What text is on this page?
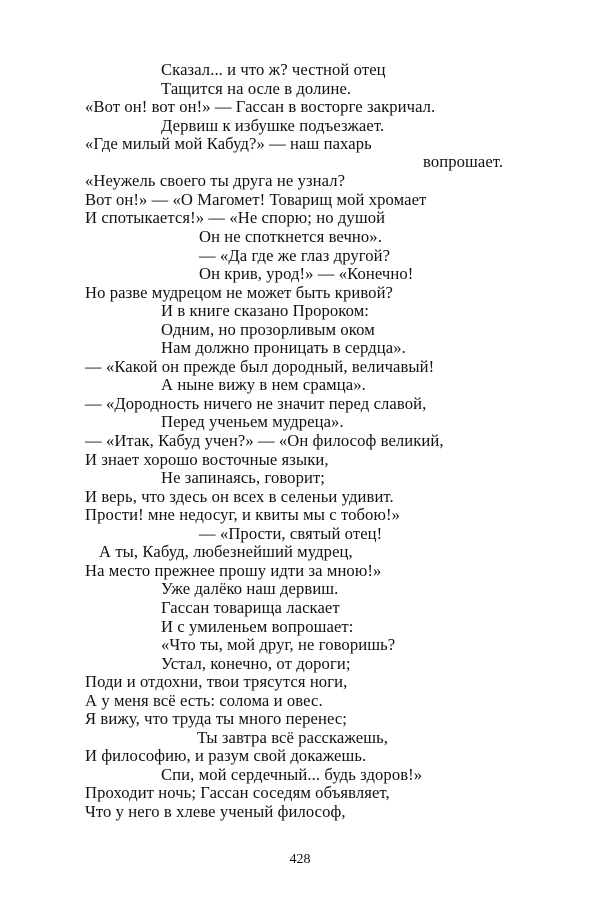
Сказал... и что ж? честной отец
Тащится на осле в долине.
«Вот он! вот он!» — Гассан в восторге закричал.
Дервиш к избушке подъезжает.
«Где милый мой Кабуд?» — наш пахарь
вопрошает.
«Неужель своего ты друга не узнал?
Вот он!» — «О Магомет! Товарищ мой хромает
И спотыкается!» — «Не спорю; но душой
Он не споткнется вечно».
— «Да где же глаз другой?
Он крив, урод!» — «Конечно!
Но разве мудрецом не может быть кривой?
И в книге сказано Пророком:
Одним, но прозорливым оком
Нам должно проницать в сердца».
— «Какой он прежде был дородный, величавый!
А ныне вижу в нем срамца».
— «Дородность ничего не значит перед славой,
Перед ученьем мудреца».
— «Итак, Кабуд учен?» — «Он философ великий,
И знает хорошо восточные языки,
Не запинаясь, говорит;
И верь, что здесь он всех в селеньи удивит.
Прости! мне недосуг, и квиты мы с тобою!»
— «Прости, святый отец!
А ты, Кабуд, любезнейший мудрец,
На место прежнее прошу идти за мною!»
Уже далёко наш дервиш.
Гассан товарища ласкает
И с умиленьем вопрошает:
«Что ты, мой друг, не говоришь?
Устал, конечно, от дороги;
Поди и отдохни, твои трясутся ноги,
А у меня всё есть: солома и овес.
Я вижу, что труда ты много перенес;
Ты завтра всё расскажешь,
И философию, и разум свой докажешь.
Спи, мой сердечный... будь здоров!»
Проходит ночь; Гассан соседям объявляет,
Что у него в хлеве ученый философ,
428
